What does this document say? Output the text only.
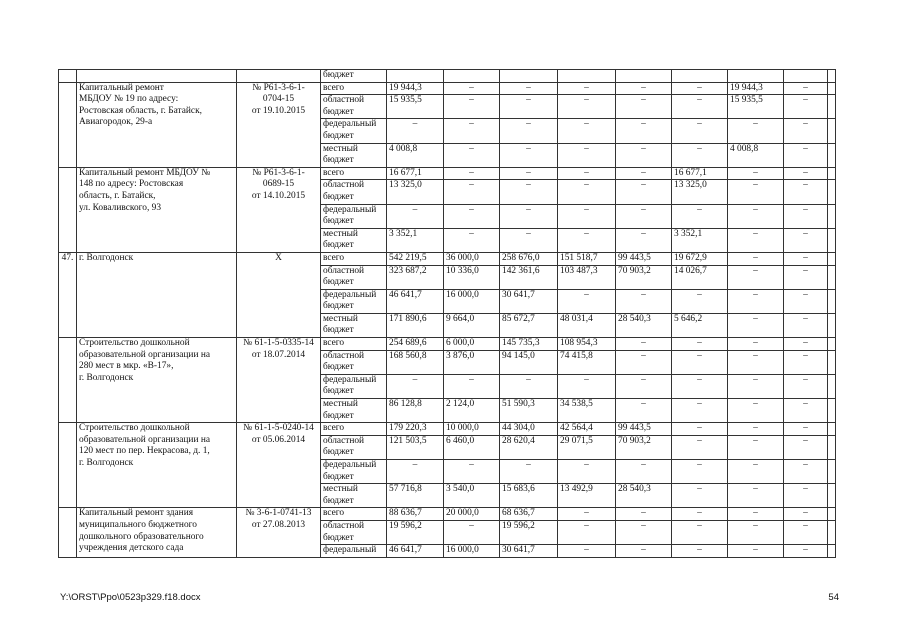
			бюджет									
	Капитальный ремонт
МБДОУ № 19 по адресу:
Ростовская область, г. Батайск,
Авиагородок, 29-а	№ Р61-3-6-1-
0704-15
от 19.10.2015	всего	19 944,3	–	–	–	–	–	19 944,3	–	
			областной бюджет	15 935,5	–	–	–	–	–	15 935,5	–	
			федеральный бюджет	–	–	–	–	–	–	–	–	
			местный бюджет	4 008,8	–	–	–	–	–	4 008,8	–	
	Капитальный ремонт МБДОУ №
148 по адресу: Ростовская
область, г. Батайск,
ул. Коваливского, 93	№ Р61-3-6-1-
0689-15
от 14.10.2015	всего	16 677,1	–	–	–	–	16 677,1	–	–	
			областной бюджет	13 325,0	–	–	–	–	13 325,0	–	–	
			федеральный бюджет	–	–	–	–	–	–	–	–	
			местный бюджет	3 352,1	–	–	–	–	3 352,1	–	–	
47.	г. Волгодонск	Х	всего	542 219,5	36 000,0	258 676,0	151 518,7	99 443,5	19 672,9	–	–	
			областной бюджет	323 687,2	10 336,0	142 361,6	103 487,3	70 903,2	14 026,7	–	–	
			федеральный бюджет	46 641,7	16 000,0	30 641,7	–	–	–	–	–	
			местный бюджет	171 890,6	9 664,0	85 672,7	48 031,4	28 540,3	5 646,2	–	–	
	Строительство дошкольной
образовательной организации на
280 мест в мкр. «В-17»,
г. Волгодонск	№ 61-1-5-0335-14
от 18.07.2014	всего	254 689,6	6 000,0	145 735,3	108 954,3	–	–	–	–	
			областной бюджет	168 560,8	3 876,0	94 145,0	74 415,8	–	–	–	–	
			федеральный бюджет	–	–	–	–	–	–	–	–	
			местный бюджет	86 128,8	2 124,0	51 590,3	34 538,5	–	–	–	–	
	Строительство дошкольной
образовательной организации на
120 мест по пер. Некрасова, д. 1,
г. Волгодонск	№ 61-1-5-0240-14
от 05.06.2014	всего	179 220,3	10 000,0	44 304,0	42 564,4	99 443,5	–	–	–	
			областной бюджет	121 503,5	6 460,0	28 620,4	29 071,5	70 903,2	–	–	–	
			федеральный бюджет	–	–	–	–	–	–	–	–	
			местный бюджет	57 716,8	3 540,0	15 683,6	13 492,9	28 540,3	–	–	–	
	Капитальный ремонт здания
муниципального бюджетного
дошкольного образовательного
учреждения детского сада	№ 3-6-1-0741-13
от 27.08.2013	всего	88 636,7	20 000,0	68 636,7	–	–	–	–	–	
			областной бюджет	19 596,2	–	19 596,2	–	–	–	–	–	
			федеральный	46 641,7	16 000,0	30 641,7	–	–	–	–	–	
Y:\ORST\Ppo\0523p329.f18.docx	54
